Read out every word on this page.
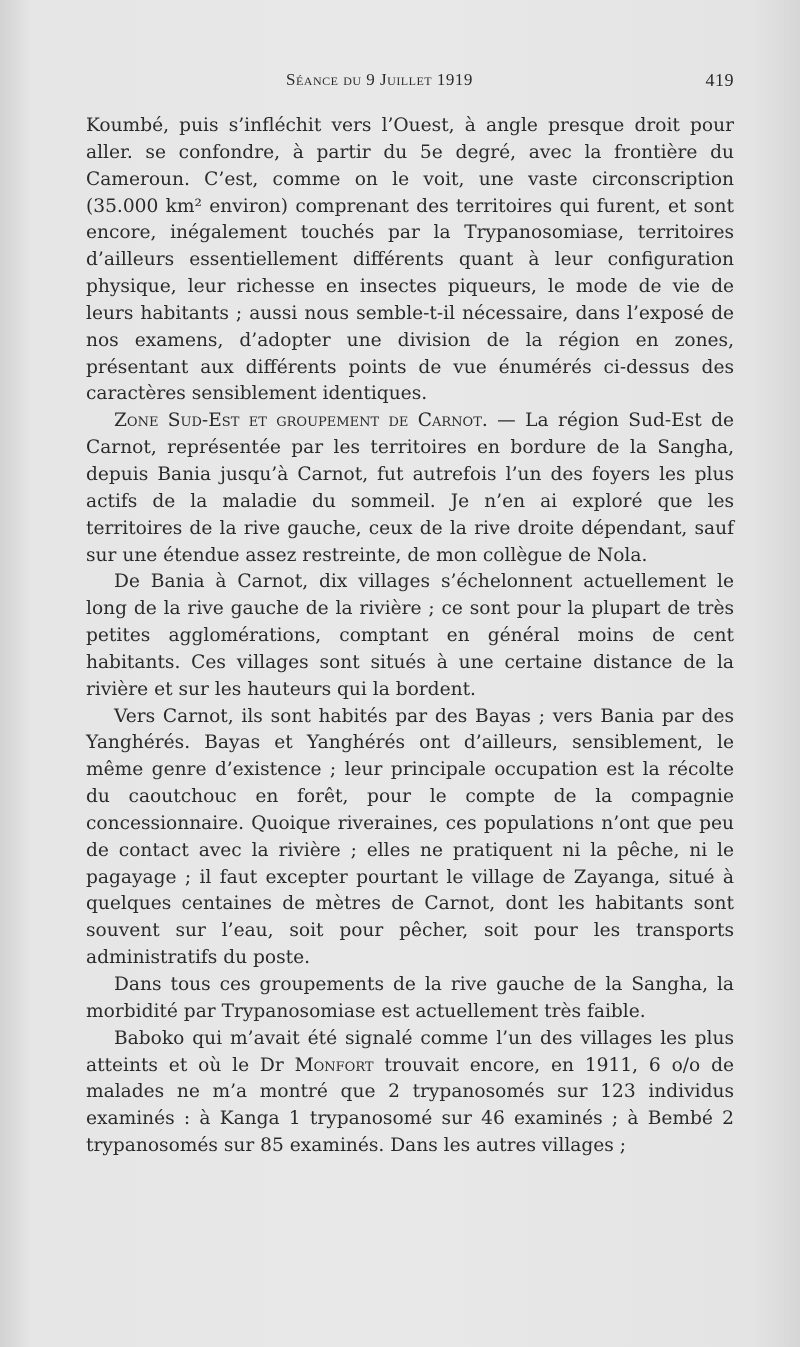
Séance du 9 Juillet 1919	419

Koumbé, puis s’infléchit vers l’Ouest, à angle presque droit pour aller. se confondre, à partir du 5e degré, avec la frontière du Cameroun. C’est, comme on le voit, une vaste circonscription (35.000 km² environ) comprenant des territoires qui furent, et sont encore, inégalement touchés par la Trypanosomiase, territoires d’ailleurs essentiellement différents quant à leur configuration physique, leur richesse en insectes piqueurs, le mode de vie de leurs habitants ; aussi nous semble-t-il nécessaire, dans l’exposé de nos examens, d’adopter une division de la région en zones, présentant aux différents points de vue énumérés ci-dessus des caractères sensiblement identiques.

Zone Sud-Est et groupement de Carnot. — La région Sud-Est de Carnot, représentée par les territoires en bordure de la Sangha, depuis Bania jusqu’à Carnot, fut autrefois l’un des foyers les plus actifs de la maladie du sommeil. Je n’en ai exploré que les territoires de la rive gauche, ceux de la rive droite dépendant, sauf sur une étendue assez restreinte, de mon collègue de Nola.

De Bania à Carnot, dix villages s’échelonnent actuellement le long de la rive gauche de la rivière ; ce sont pour la plupart de très petites agglomérations, comptant en général moins de cent habitants. Ces villages sont situés à une certaine distance de la rivière et sur les hauteurs qui la bordent.

Vers Carnot, ils sont habités par des Bayas ; vers Bania par des Yanghérés. Bayas et Yanghérés ont d’ailleurs, sensiblement, le même genre d’existence ; leur principale occupation est la récolte du caoutchouc en forêt, pour le compte de la compagnie concessionnaire. Quoique riveraines, ces populations n’ont que peu de contact avec la rivière ; elles ne pratiquent ni la pêche, ni le pagayage ; il faut excepter pourtant le village de Zayanga, situé à quelques centaines de mètres de Carnot, dont les habitants sont souvent sur l’eau, soit pour pêcher, soit pour les transports administratifs du poste.

Dans tous ces groupements de la rive gauche de la Sangha, la morbidité par Trypanosomiase est actuellement très faible.

Baboko qui m’avait été signalé comme l’un des villages les plus atteints et où le Dr Monfort trouvait encore, en 1911, 6 o/o de malades ne m’a montré que 2 trypanosomés sur 123 individus examinés : à Kanga 1 trypanosomé sur 46 examinés ; à Bembé 2 trypanosomés sur 85 examinés. Dans les autres villages ;
